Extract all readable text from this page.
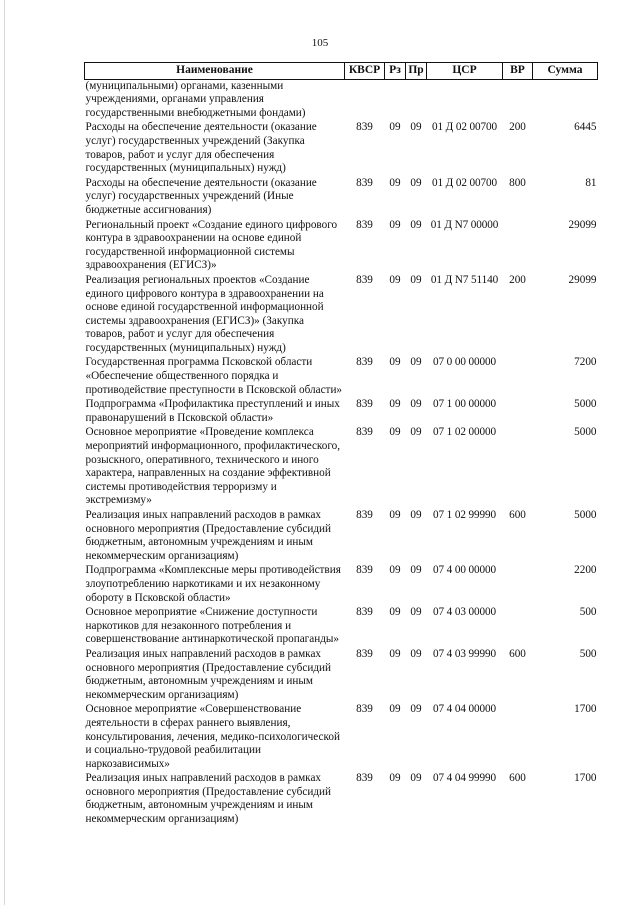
105
Наименование	КВСР	Рз	Пр	ЦСР	ВР	Сумма
(муниципальными) органами, казенными учреждениями, органами управления государственными внебюджетными фондами)						
Расходы на обеспечение деятельности (оказание услуг) государственных учреждений (Закупка товаров, работ и услуг для обеспечения государственных (муниципальных) нужд)	839	09	09	01 Д 02 00700	200	6445
Расходы на обеспечение деятельности (оказание услуг) государственных учреждений (Иные бюджетные ассигнования)	839	09	09	01 Д 02 00700	800	81
Региональный проект «Создание единого цифрового контура в здравоохранении на основе единой государственной информационной системы здравоохранения (ЕГИСЗ)»	839	09	09	01 Д N7 00000		29099
Реализация региональных проектов «Создание единого цифрового контура в здравоохранении на основе единой государственной информационной системы здравоохранения (ЕГИСЗ)» (Закупка товаров, работ и услуг для обеспечения государственных (муниципальных) нужд)	839	09	09	01 Д N7 51140	200	29099
Государственная программа Псковской области «Обеспечение общественного порядка и противодействие преступности в Псковской области»	839	09	09	07 0 00 00000		7200
Подпрограмма «Профилактика преступлений и иных правонарушений в Псковской области»	839	09	09	07 1 00 00000		5000
Основное мероприятие «Проведение комплекса мероприятий информационного, профилактического, розыскного, оперативного, технического и иного характера, направленных на создание эффективной системы противодействия терроризму и экстремизму»	839	09	09	07 1 02 00000		5000
Реализация иных направлений расходов в рамках основного мероприятия (Предоставление субсидий бюджетным, автономным учреждениям и иным некоммерческим организациям)	839	09	09	07 1 02 99990	600	5000
Подпрограмма «Комплексные меры противодействия злоупотреблению наркотиками и их незаконному обороту в Псковской области»	839	09	09	07 4 00 00000		2200
Основное мероприятие «Снижение доступности наркотиков для незаконного потребления и совершенствование антинаркотической пропаганды»	839	09	09	07 4 03 00000		500
Реализация иных направлений расходов в рамках основного мероприятия (Предоставление субсидий бюджетным, автономным учреждениям и иным некоммерческим организациям)	839	09	09	07 4 03 99990	600	500
Основное мероприятие «Совершенствование деятельности в сферах раннего выявления, консультирования, лечения, медико-психологической и социально-трудовой реабилитации наркозависимых»	839	09	09	07 4 04 00000		1700
Реализация иных направлений расходов в рамках основного мероприятия (Предоставление субсидий бюджетным, автономным учреждениям и иным некоммерческим организациям)	839	09	09	07 4 04 99990	600	1700
